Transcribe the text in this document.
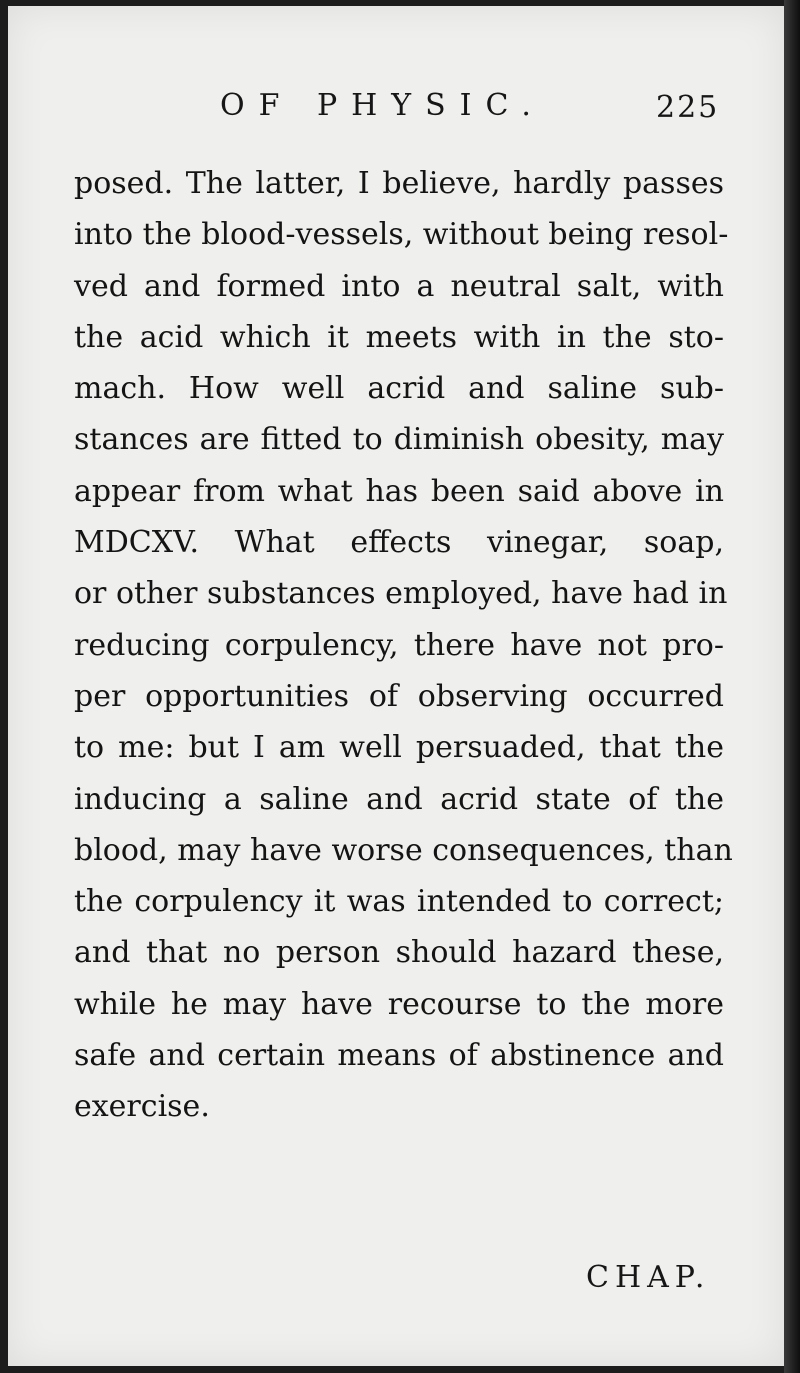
OF PHYSIC.	225
posed. The latter, I believe, hardly passes
into the blood-vessels, without being resol-
ved and formed into a neutral salt, with
the acid which it meets with in the sto-
mach. How well acrid and saline sub-
stances are fitted to diminish obesity, may
appear from what has been said above in
MDCXV. What effects vinegar, soap,
or other substances employed, have had in
reducing corpulency, there have not pro-
per opportunities of observing occurred
to me: but I am well persuaded, that the
inducing a saline and acrid state of the
blood, may have worse consequences, than
the corpulency it was intended to correct;
and that no person should hazard these,
while he may have recourse to the more
safe and certain means of abstinence and
exercise.
CHAP.
